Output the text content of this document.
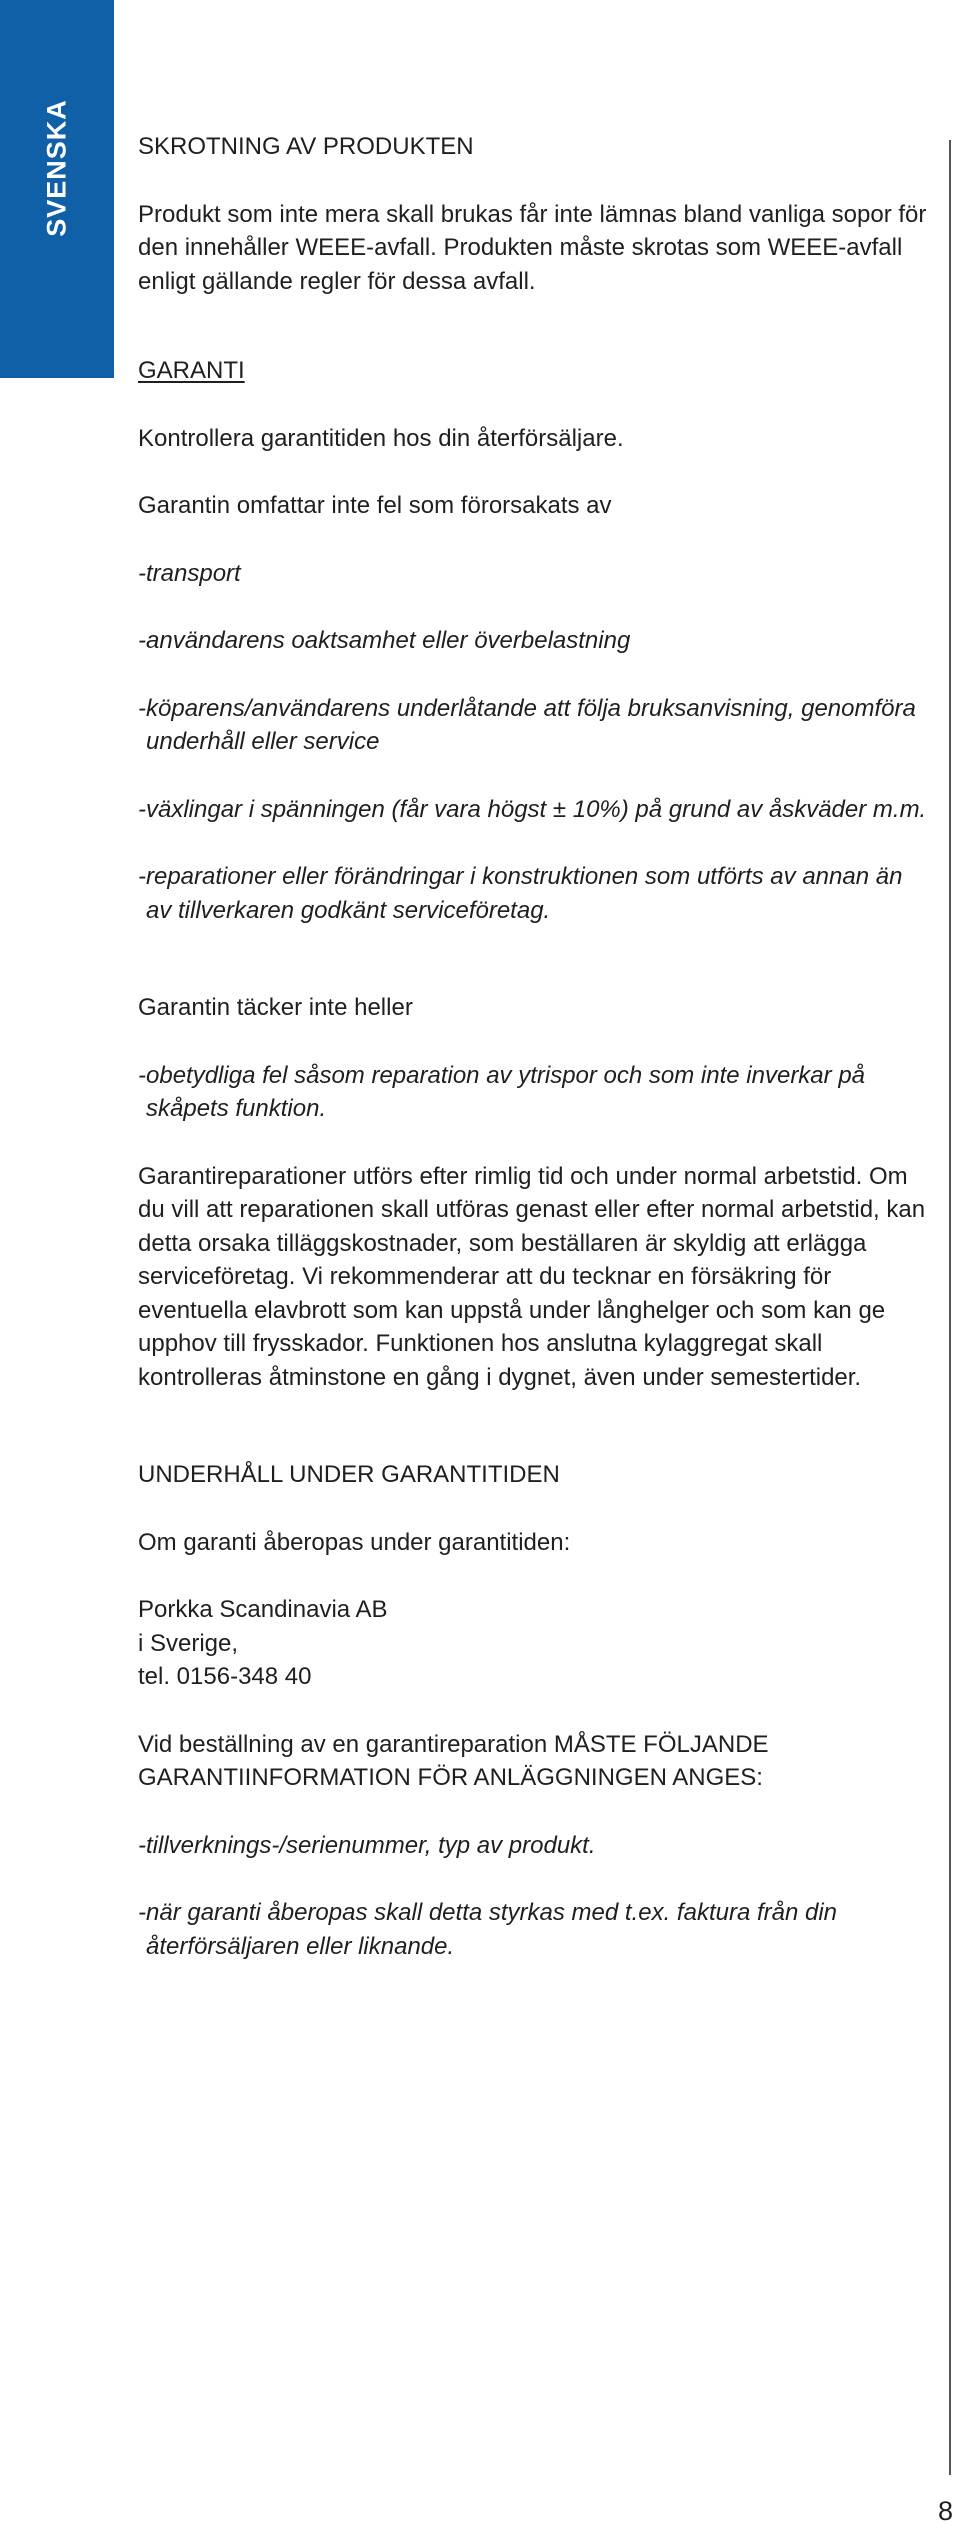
SVENSKA	SKROTNING AV PRODUKTEN

Produkt som inte mera skall brukas får inte lämnas bland vanliga sopor för den innehåller WEEE-avfall. Produkten måste skrotas som WEEE-avfall enligt gällande regler för dessa avfall.

GARANTI

Kontrollera garantitiden hos din återförsäljare.

Garantin omfattar inte fel som förorsakats av

-transport

-användarens oaktsamhet eller överbelastning

-köparens/användarens underlåtande att följa bruksanvisning, genomföra underhåll eller service

-växlingar i spänningen (får vara högst ± 10%) på grund av åskväder m.m.

-reparationer eller förändringar i konstruktionen som utförts av annan än av tillverkaren godkänt serviceföretag.

Garantin täcker inte heller

-obetydliga fel såsom reparation av ytrispor och som inte inverkar på skåpets funktion.

Garantireparationer utförs efter rimlig tid och under normal arbetstid. Om du vill att reparationen skall utföras genast eller efter normal arbetstid, kan detta orsaka tilläggskostnader, som beställaren är skyldig att erlägga serviceföretag. Vi rekommenderar att du tecknar en försäkring för eventuella elavbrott som kan uppstå under långhelger och som kan ge upphov till frysskador. Funktionen hos anslutna kylaggregat skall kontrolleras åtminstone en gång i dygnet, även under semestertider.

UNDERHÅLL UNDER GARANTITIDEN

Om garanti åberopas under garantitiden:

Porkka Scandinavia AB

i Sverige,

tel. 0156-348 40

Vid beställning av en garantireparation MÅSTE FÖLJANDE GARANTIINFORMATION FÖR ANLÄGGNINGEN ANGES:

-tillverknings-/serienummer, typ av produkt.

-när garanti åberopas skall detta styrkas med t.ex. faktura från din återförsäljaren eller liknande.

8
